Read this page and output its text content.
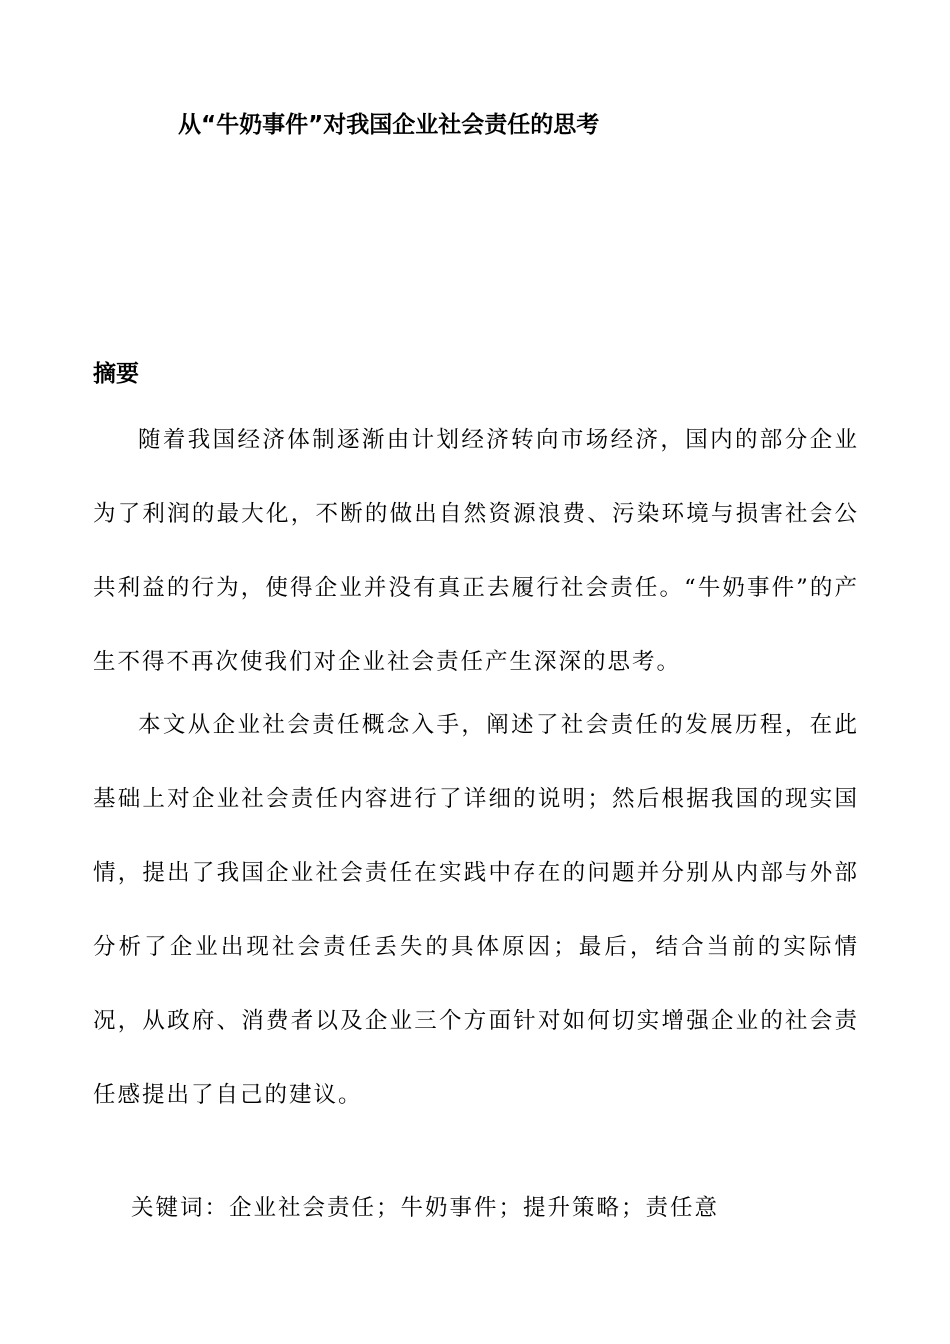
从“牛奶事件”对我国企业社会责任的思考
摘要

随着我国经济体制逐渐由计划经济转向市场经济，国内的部分企业为了利润的最大化，不断的做出自然资源浪费、污染环境与损害社会公共利益的行为，使得企业并没有真正去履行社会责任。“牛奶事件”的产生不得不再次使我们对企业社会责任产生深深的思考。

本文从企业社会责任概念入手，阐述了社会责任的发展历程，在此基础上对企业社会责任内容进行了详细的说明；然后根据我国的现实国情，提出了我国企业社会责任在实践中存在的问题并分别从内部与外部分析了企业出现社会责任丢失的具体原因；最后，结合当前的实际情况，从政府、消费者以及企业三个方面针对如何切实增强企业的社会责任感提出了自己的建议。

关键词：企业社会责任；牛奶事件；提升策略；责任意
